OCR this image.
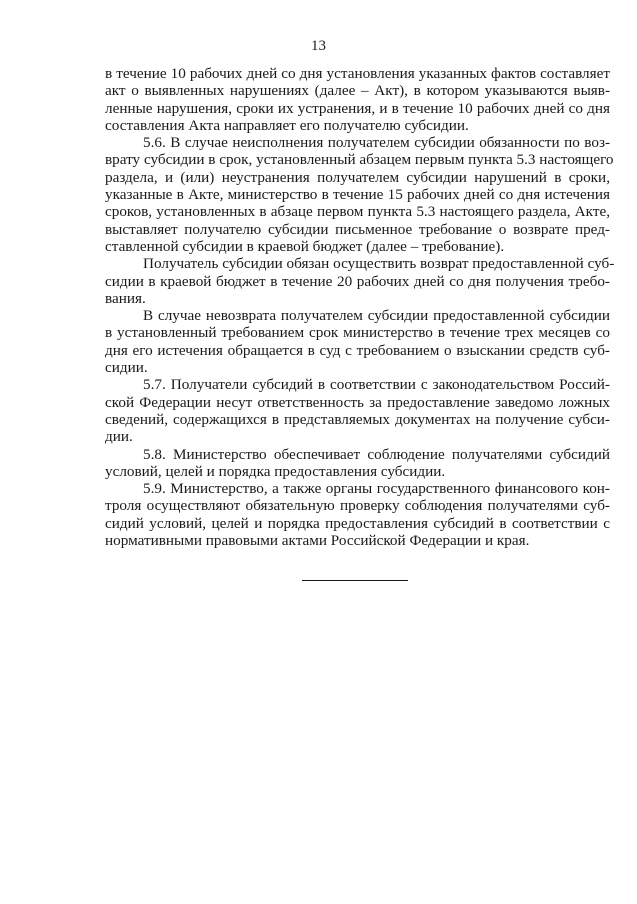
13
в течение 10 рабочих дней со дня установления указанных фактов составляет
акт о выявленных нарушениях (далее – Акт), в котором указываются выяв-
ленные нарушения, сроки их устранения, и в течение 10 рабочих дней со дня
составления Акта направляет его получателю субсидии.
5.6. В случае неисполнения получателем субсидии обязанности по воз-
врату субсидии в срок, установленный абзацем первым пункта 5.3 настоящего
раздела, и (или) неустранения получателем субсидии нарушений в сроки,
указанные в Акте, министерство в течение 15 рабочих дней со дня истечения
сроков, установленных в абзаце первом пункта 5.3 настоящего раздела, Акте,
выставляет получателю субсидии письменное требование о возврате пред-
ставленной субсидии в краевой бюджет (далее – требование).
Получатель субсидии обязан осуществить возврат предоставленной суб-
сидии в краевой бюджет в течение 20 рабочих дней со дня получения требо-
вания.
В случае невозврата получателем субсидии предоставленной субсидии
в установленный требованием срок министерство в течение трех месяцев со
дня его истечения обращается в суд с требованием о взыскании средств суб-
сидии.
5.7. Получатели субсидий в соответствии с законодательством Россий-
ской Федерации несут ответственность за предоставление заведомо ложных
сведений, содержащихся в представляемых документах на получение субси-
дии.
5.8. Министерство обеспечивает соблюдение получателями субсидий
условий, целей и порядка предоставления субсидии.
5.9. Министерство, а также органы государственного финансового кон-
троля осуществляют обязательную проверку соблюдения получателями суб-
сидий условий, целей и порядка предоставления субсидий в соответствии с
нормативными правовыми актами Российской Федерации и края.
